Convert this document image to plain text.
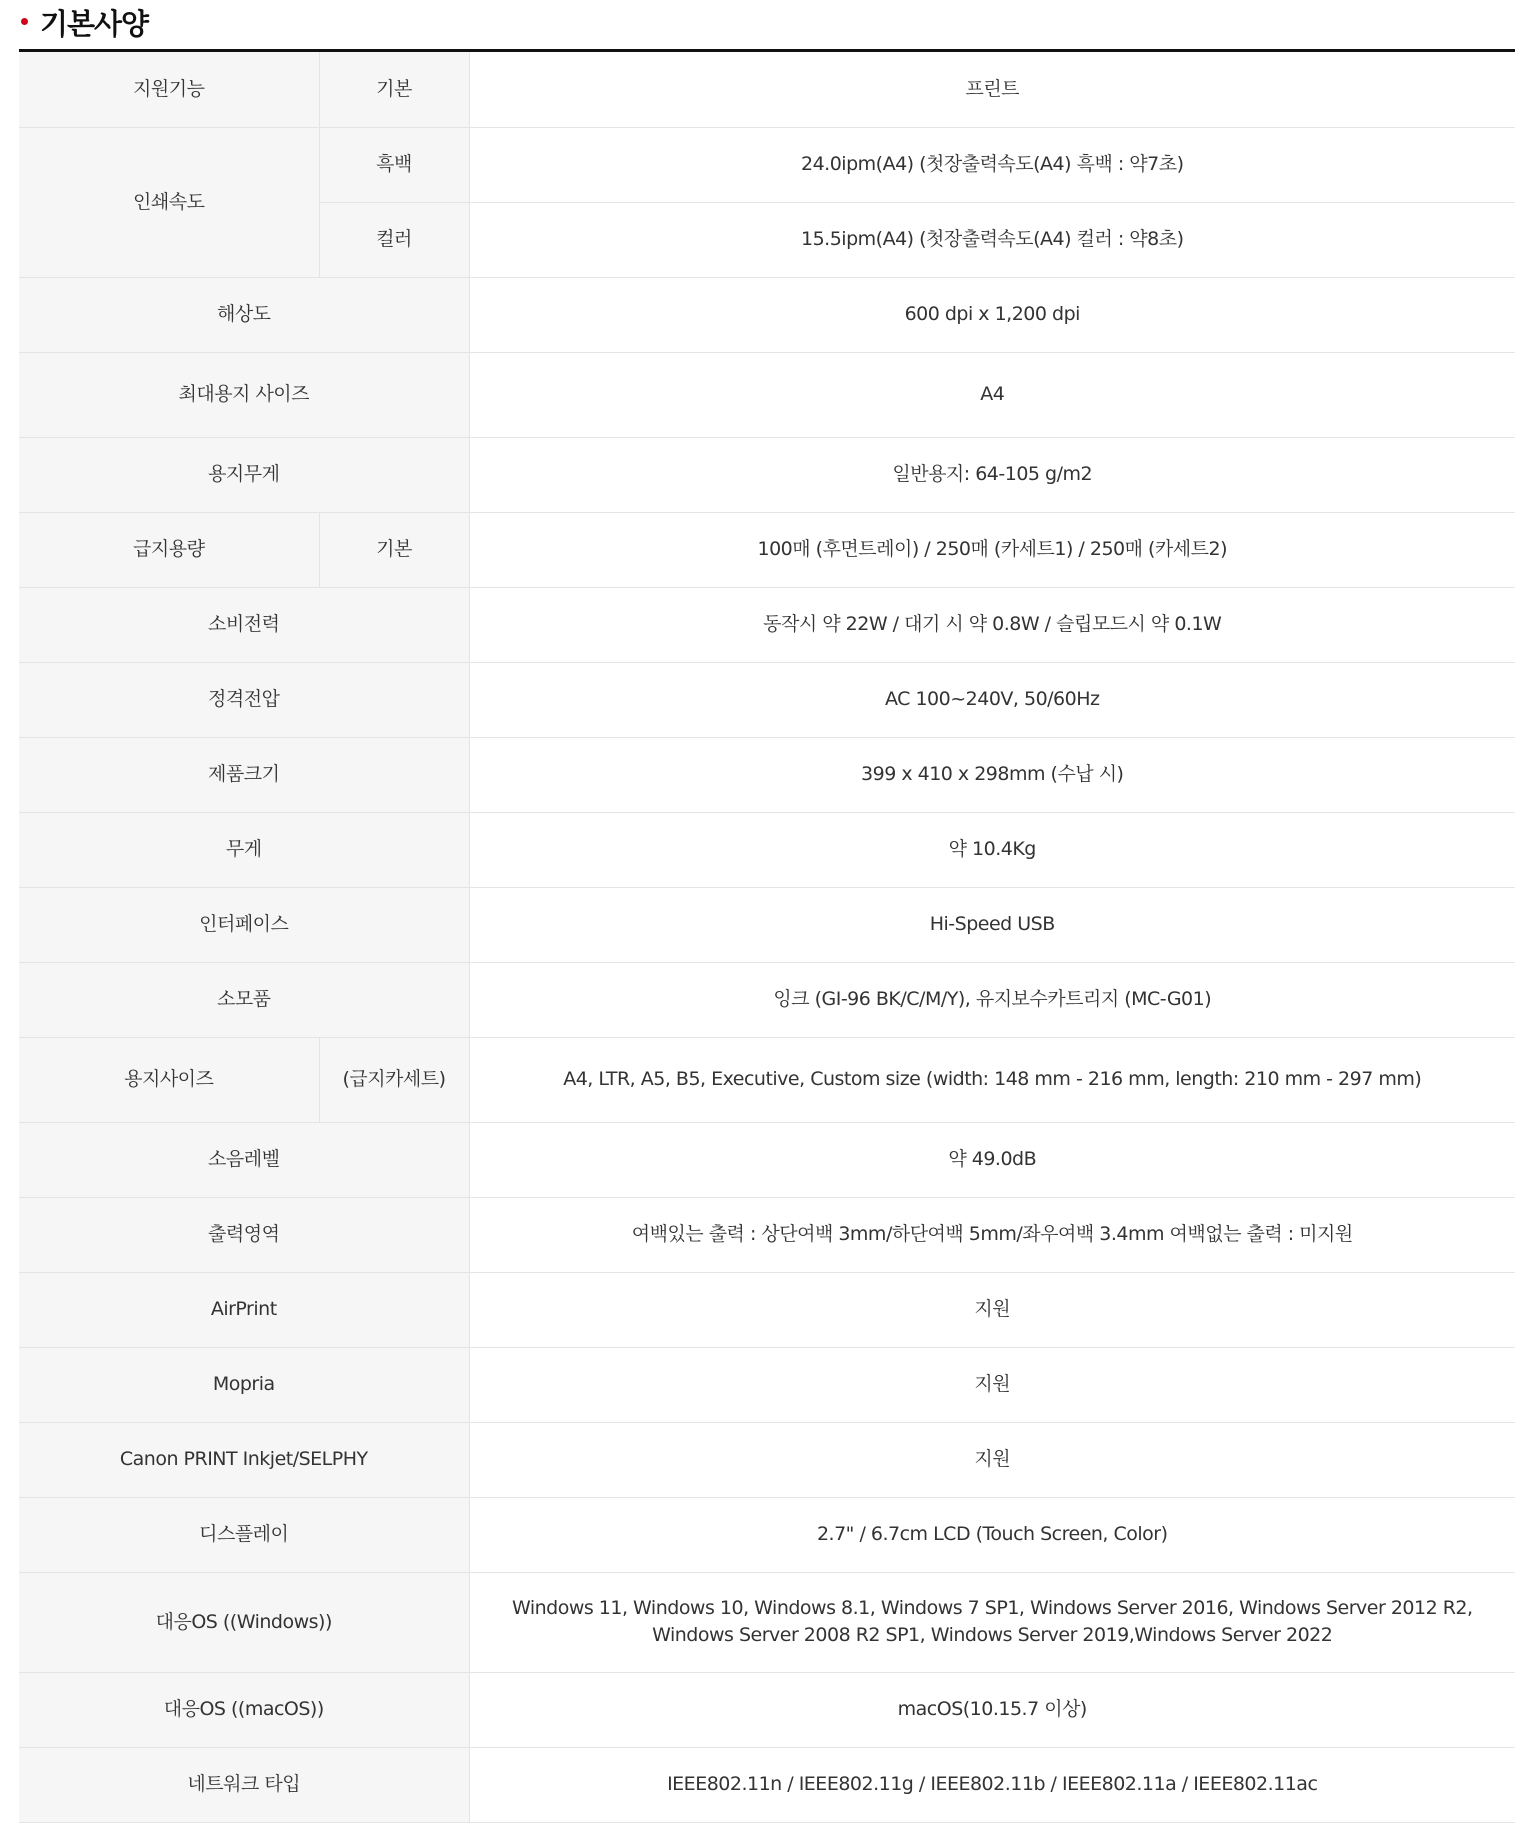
기본사양
지원기능	기본	프린트
인쇄속도	흑백	24.0ipm(A4) (첫장출력속도(A4) 흑백 : 약7초)
	컬러	15.5ipm(A4) (첫장출력속도(A4) 컬러 : 약8초)
해상도		600 dpi x 1,200 dpi
최대용지 사이즈		A4
용지무게		일반용지: 64-105 g/m2
급지용량	기본	100매 (후면트레이) / 250매 (카세트1) / 250매 (카세트2)
소비전력		동작시 약 22W / 대기 시 약 0.8W / 슬립모드시 약 0.1W
정격전압		AC 100~240V, 50/60Hz
제품크기		399 x 410 x 298mm (수납 시)
무게		약 10.4Kg
인터페이스		Hi-Speed USB
소모품		잉크 (GI-96 BK/C/M/Y), 유지보수카트리지 (MC-G01)
용지사이즈	(급지카세트)	A4, LTR, A5, B5, Executive, Custom size (width: 148 mm - 216 mm, length: 210 mm - 297 mm)
소음레벨		약 49.0dB
출력영역		여백있는 출력 : 상단여백 3mm/하단여백 5mm/좌우여백 3.4mm 여백없는 출력 : 미지원
AirPrint		지원
Mopria		지원
Canon PRINT Inkjet/SELPHY		지원
디스플레이		2.7" / 6.7cm LCD (Touch Screen, Color)
대응OS ((Windows))		Windows 11, Windows 10, Windows 8.1, Windows 7 SP1, Windows Server 2016, Windows Server 2012 R2, Windows Server 2008 R2 SP1, Windows Server 2019,Windows Server 2022
대응OS ((macOS))		macOS(10.15.7 이상)
네트워크 타입		IEEE802.11n / IEEE802.11g / IEEE802.11b / IEEE802.11a / IEEE802.11ac
